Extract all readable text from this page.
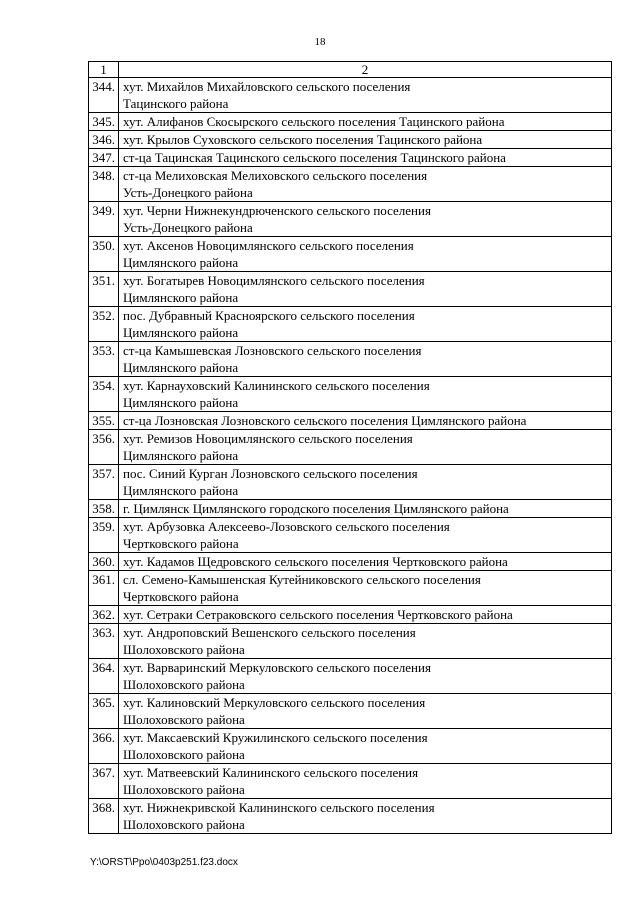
18
1	2
344.	хут. Михайлов Михайловского сельского поселения
Тацинского района

345.	хут. Алифанов Скосырского сельского поселения Тацинского района

346.	хут. Крылов Суховского сельского поселения Тацинского района

347.	ст-ца Тацинская Тацинского сельского поселения Тацинского района

348.	ст-ца Мелиховская Мелиховского сельского поселения
Усть-Донецкого района

349.	хут. Черни Нижнекундрюченского сельского поселения
Усть-Донецкого района

350.	хут. Аксенов Новоцимлянского сельского поселения
Цимлянского района

351.	хут. Богатырев Новоцимлянского сельского поселения
Цимлянского района

352.	пос. Дубравный Красноярского сельского поселения
Цимлянского района

353.	ст-ца Камышевская Лозновского сельского поселения
Цимлянского района

354.	хут. Карнауховский Калининского сельского поселения
Цимлянского района

355.	ст-ца Лозновская Лозновского сельского поселения Цимлянского района

356.	хут. Ремизов Новоцимлянского сельского поселения
Цимлянского района

357.	пос. Синий Курган Лозновского сельского поселения
Цимлянского района

358.	г. Цимлянск Цимлянского городского поселения Цимлянского района

359.	хут. Арбузовка Алексеево-Лозовского сельского поселения
Чертковского района

360.	хут. Кадамов Щедровского сельского поселения Чертковского района

361.	сл. Семено-Камышенская Кутейниковского сельского поселения
Чертковского района

362.	хут. Сетраки Сетраковского сельского поселения Чертковского района

363.	хут. Андроповский Вешенского сельского поселения
Шолоховского района

364.	хут. Варваринский Меркуловского сельского поселения
Шолоховского района

365.	хут. Калиновский Меркуловского сельского поселения
Шолоховского района

366.	хут. Максаевский Кружилинского сельского поселения
Шолоховского района

367.	хут. Матвеевский Калининского сельского поселения
Шолоховского района

368.	хут. Нижнекривской Калининского сельского поселения
Шолоховского района
Y:\ORST\Ppo\0403p251.f23.docx
